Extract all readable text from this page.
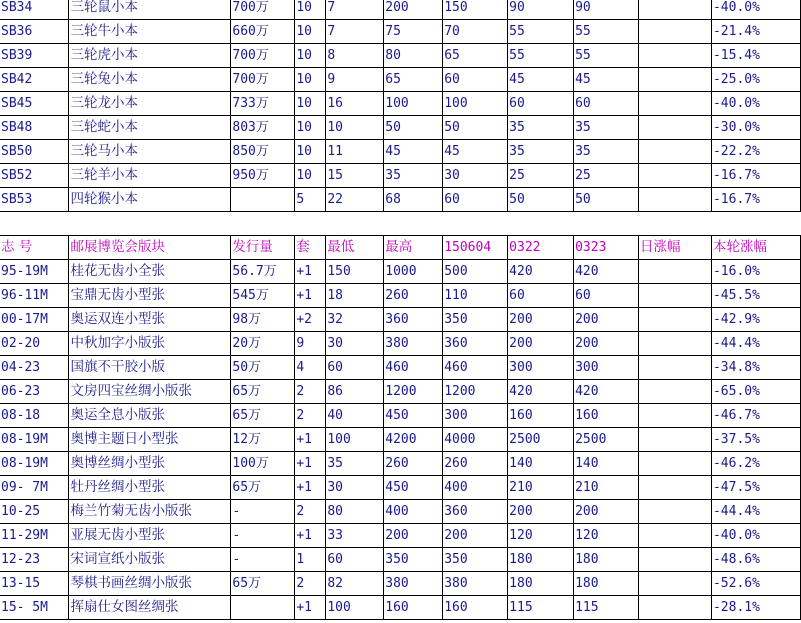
SB34	三轮鼠小本	700万	10	7	200	150	90	90		-40.0%
SB36	三轮牛小本	660万	10	7	75	70	55	55		-21.4%
SB39	三轮虎小本	700万	10	8	80	65	55	55		-15.4%
SB42	三轮兔小本	700万	10	9	65	60	45	45		-25.0%
SB45	三轮龙小本	733万	10	16	100	100	60	60		-40.0%
SB48	三轮蛇小本	803万	10	10	50	50	35	35		-30.0%
SB50	三轮马小本	850万	10	11	45	45	35	35		-22.2%
SB52	三轮羊小本	950万	10	15	35	30	25	25		-16.7%
SB53	四轮猴小本		5	22	68	60	50	50		-16.7%

志 号	邮展博览会版块	发行量	套	最低	最高	150604	0322	0323	日涨幅	本轮涨幅
95-19M	桂花无齿小全张	56.7万	+1	150	1000	500	420	420		-16.0%
96-11M	宝鼎无齿小型张	545万	+1	18	260	110	60	60		-45.5%
00-17M	奥运双连小型张	98万	+2	32	360	350	200	200		-42.9%
02-20	中秋加字小版张	20万	9	30	380	360	200	200		-44.4%
04-23	国旗不干胶小版	50万	4	60	460	460	300	300		-34.8%
06-23	文房四宝丝绸小版张	65万	2	86	1200	1200	420	420		-65.0%
08-18	奥运全息小版张	65万	2	40	450	300	160	160		-46.7%
08-19M	奥博主题日小型张	12万	+1	100	4200	4000	2500	2500		-37.5%
08-19M	奥博丝绸小型张	100万	+1	35	260	260	140	140		-46.2%
09- 7M	牡丹丝绸小型张	65万	+1	30	450	400	210	210		-47.5%
10-25	梅兰竹菊无齿小版张	-	2	80	400	360	200	200		-44.4%
11-29M	亚展无齿小型张	-	+1	33	200	200	120	120		-40.0%
12-23	宋词宣纸小版张	-	1	60	350	350	180	180		-48.6%
13-15	琴棋书画丝绸小版张	65万	2	82	380	380	180	180		-52.6%
15- 5M	挥扇仕女图丝绸张		+1	100	160	160	115	115		-28.1%
